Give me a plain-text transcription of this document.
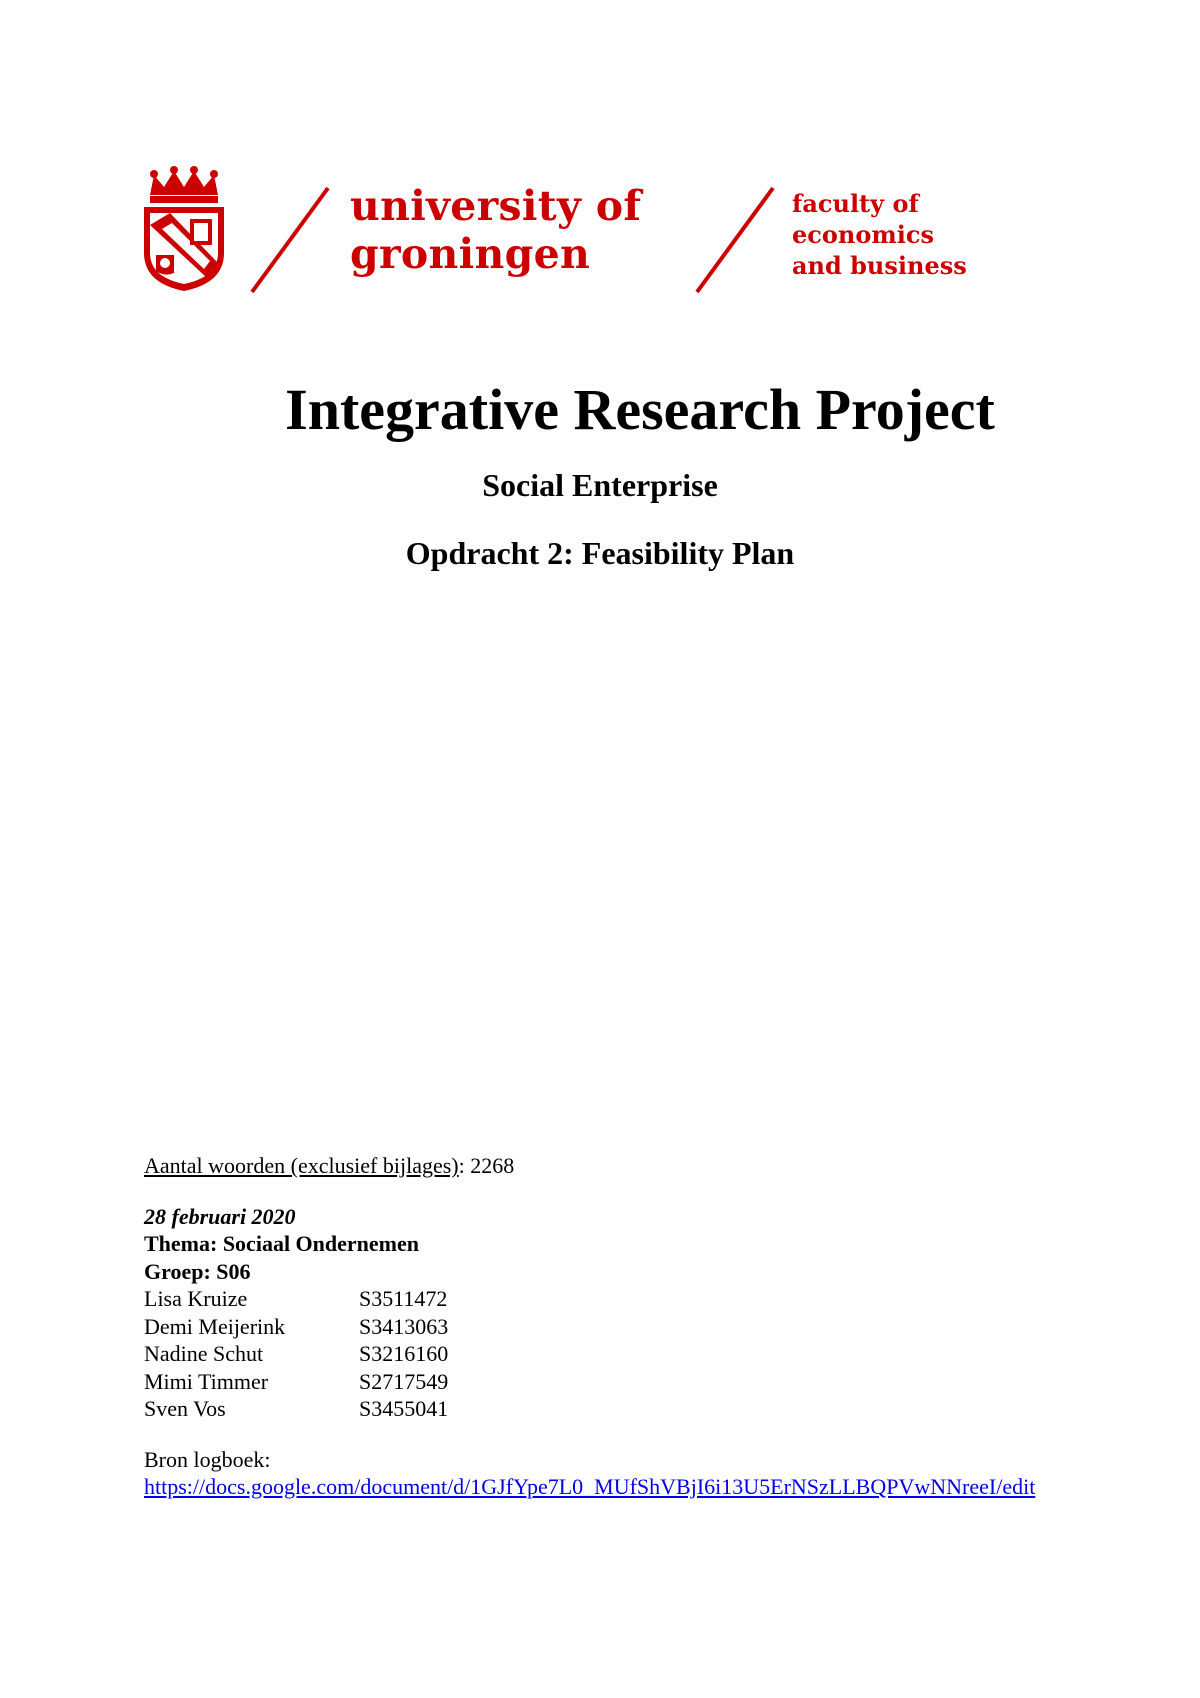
university of
groningen
faculty of economics
and business
Integrative Research Project
Social Enterprise
Opdracht 2: Feasibility Plan
Aantal woorden (exclusief bijlages): 2268
28 februari 2020
Thema: Sociaal Ondernemen
Groep: S06
Lisa Kruize	S3511472
Demi Meijerink	S3413063
Nadine Schut	S3216160
Mimi Timmer	S2717549
Sven Vos	S3455041
Bron logboek:
https://docs.google.com/document/d/1GJfYpe7L0_MUfShVBjI6i13U5ErNSzLLBQPVwNNreeI/edit
